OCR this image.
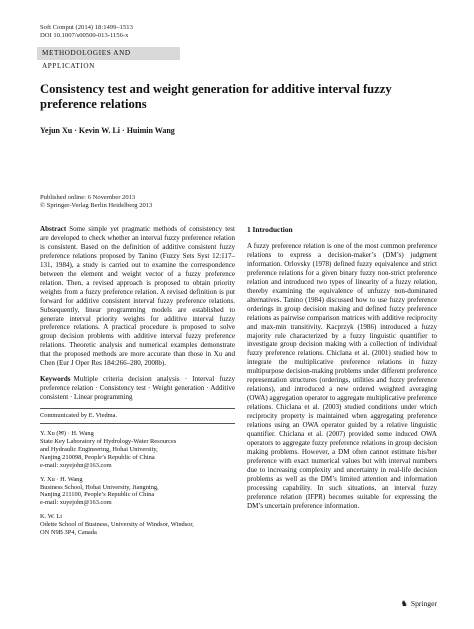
Soft Comput (2014) 18:1499–1513
DOI 10.1007/s00500-013-1156-x
METHODOLOGIES AND APPLICATION
Consistency test and weight generation for additive interval fuzzy preference relations
Yejun Xu · Kevin W. Li · Huimin Wang
Published online: 6 November 2013
© Springer-Verlag Berlin Heidelberg 2013

Abstract Some simple yet pragmatic methods of consistency test are developed to check whether an interval fuzzy preference relation is consistent. Based on the definition of additive consistent fuzzy preference relations proposed by Tanino (Fuzzy Sets Syst 12:117–131, 1984), a study is carried out to examine the correspondence between the element and weight vector of a fuzzy preference relation. Then, a revised approach is proposed to obtain priority weights from a fuzzy preference relation. A revised definition is put forward for additive consistent interval fuzzy preference relations. Subsequently, linear programming models are established to generate interval priority weights for additive interval fuzzy preference relations. A practical procedure is proposed to solve group decision problems with additive interval fuzzy preference relations. Theoretic analysis and numerical examples demonstrate that the proposed methods are more accurate than those in Xu and Chen (Eur J Oper Res 184:266–280, 2008b).

Keywords Multiple criteria decision analysis · Interval fuzzy preference relation · Consistency test · Weight generation · Additive consistent · Linear programming

Communicated by E. Viedma.
Y. Xu (✉) · H. Wang
State Key Laboratory of Hydrology-Water Resources
and Hydraulic Engineering, Hohai University,
Nanjing 210098, People’s Republic of China
e-mail: xuyejohn@163.com
Y. Xu · H. Wang
Business School, Hohai University, Jiangning,
Nanjing 211100, People’s Republic of China
e-mail: xuyejohn@163.com
K. W. Li
Odette School of Business, University of Windsor, Windsor,
ON N9B 3P4, Canada
1 Introduction

A fuzzy preference relation is one of the most common preference relations to express a decision-maker’s (DM’s) judgment information. Orlovsky (1978) defined fuzzy equivalence and strict preference relations for a given binary fuzzy non-strict preference relation and introduced two types of linearity of a fuzzy relation, thereby examining the equivalence of unfuzzy non-dominated alternatives. Tanino (1984) discussed how to use fuzzy preference orderings in group decision making and defined fuzzy preference relations as pairwise comparison matrices with additive reciprocity and max-min transitivity. Kacprzyk (1986) introduced a fuzzy majority rule characterized by a fuzzy linguistic quantifier to investigate group decision making with a collection of individual fuzzy preference relations. Chiclana et al. (2001) studied how to integrate the multiplicative preference relations in fuzzy multipurpose decision-making problems under different preference representation structures (orderings, utilities and fuzzy preference relations), and introduced a new ordered weighted averaging (OWA) aggregation operator to aggregate multiplicative preference relations. Chiclana et al. (2003) studied conditions under which reciprocity property is maintained when aggregating preference relations using an OWA operator guided by a relative linguistic quantifier. Chiclana et al. (2007) provided some induced OWA operators to aggregate fuzzy preference relations in group decision making problems. However, a DM often cannot estimate his/her preference with exact numerical values but with interval numbers due to increasing complexity and uncertainty in real-life decision problems as well as the DM’s limited attention and information processing capability. In such situations, an interval fuzzy preference relation (IFPR) becomes suitable for expressing the DM’s uncertain preference information.

♞ Springer
